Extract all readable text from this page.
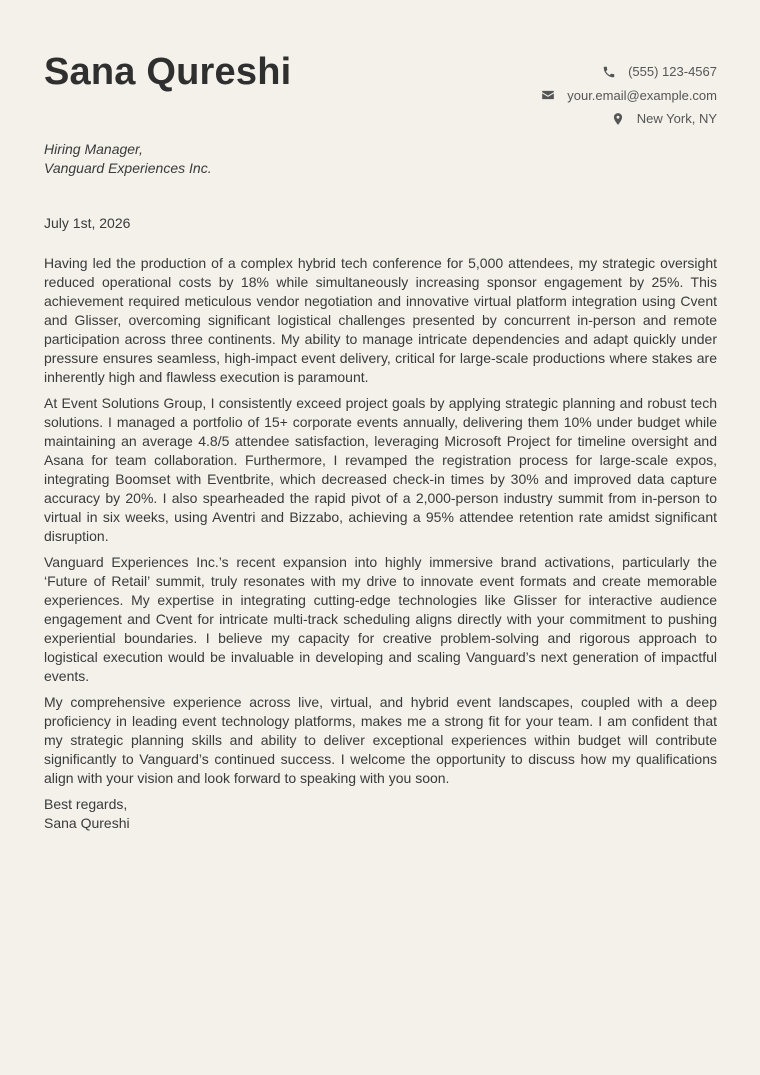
Sana Qureshi	(555) 123-4567
your.email@example.com
New York, NY
Hiring Manager,
Vanguard Experiences Inc.
July 1st, 2026

Having led the production of a complex hybrid tech conference for 5,000 attendees, my strategic oversight reduced operational costs by 18% while simultaneously increasing sponsor engagement by 25%. This achievement required meticulous vendor negotiation and innovative virtual platform integration using Cvent and Glisser, overcoming significant logistical challenges presented by concurrent in-person and remote participation across three continents. My ability to manage intricate dependencies and adapt quickly under pressure ensures seamless, high-impact event delivery, critical for large-scale productions where stakes are inherently high and flawless execution is paramount.

At Event Solutions Group, I consistently exceed project goals by applying strategic planning and robust tech solutions. I managed a portfolio of 15+ corporate events annually, delivering them 10% under budget while maintaining an average 4.8/5 attendee satisfaction, leveraging Microsoft Project for timeline oversight and Asana for team collaboration. Furthermore, I revamped the registration process for large-scale expos, integrating Boomset with Eventbrite, which decreased check-in times by 30% and improved data capture accuracy by 20%. I also spearheaded the rapid pivot of a 2,000-person industry summit from in-person to virtual in six weeks, using Aventri and Bizzabo, achieving a 95% attendee retention rate amidst significant disruption.

Vanguard Experiences Inc.’s recent expansion into highly immersive brand activations, particularly the ‘Future of Retail’ summit, truly resonates with my drive to innovate event formats and create memorable experiences. My expertise in integrating cutting-edge technologies like Glisser for interactive audience engagement and Cvent for intricate multi-track scheduling aligns directly with your commitment to pushing experiential boundaries. I believe my capacity for creative problem-solving and rigorous approach to logistical execution would be invaluable in developing and scaling Vanguard’s next generation of impactful events.

My comprehensive experience across live, virtual, and hybrid event landscapes, coupled with a deep proficiency in leading event technology platforms, makes me a strong fit for your team. I am confident that my strategic planning skills and ability to deliver exceptional experiences within budget will contribute significantly to Vanguard’s continued success. I welcome the opportunity to discuss how my qualifications align with your vision and look forward to speaking with you soon.

Best regards,
Sana Qureshi
